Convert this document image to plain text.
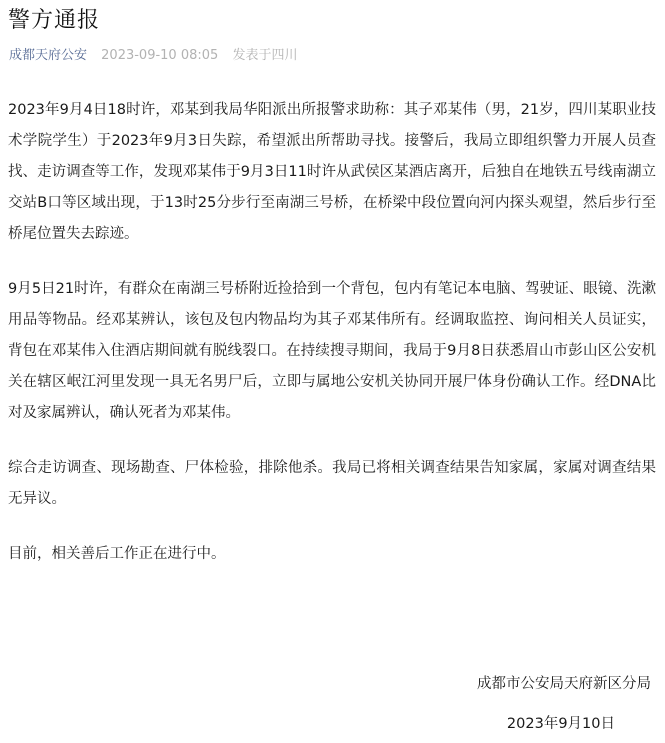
警方通报
成都天府公安 2023-09-10 08:05 发表于四川

2023年9月4日18时许，邓某到我局华阳派出所报警求助称：其子邓某伟（男，21岁，四川某职业技术学院学生）于2023年9月3日失踪，希望派出所帮助寻找。接警后，我局立即组织警力开展人员查找、走访调查等工作，发现邓某伟于9月3日11时许从武侯区某酒店离开，后独自在地铁五号线南湖立交站B口等区域出现，于13时25分步行至南湖三号桥，在桥梁中段位置向河内探头观望，然后步行至桥尾位置失去踪迹。

9月5日21时许，有群众在南湖三号桥附近捡拾到一个背包，包内有笔记本电脑、驾驶证、眼镜、洗漱用品等物品。经邓某辨认，该包及包内物品均为其子邓某伟所有。经调取监控、询问相关人员证实，背包在邓某伟入住酒店期间就有脱线裂口。在持续搜寻期间，我局于9月8日获悉眉山市彭山区公安机关在辖区岷江河里发现一具无名男尸后，立即与属地公安机关协同开展尸体身份确认工作。经DNA比对及家属辨认，确认死者为邓某伟。

综合走访调查、现场勘查、尸体检验，排除他杀。我局已将相关调查结果告知家属，家属对调查结果无异议。

目前，相关善后工作正在进行中。

成都市公安局天府新区分局
2023年9月10日
